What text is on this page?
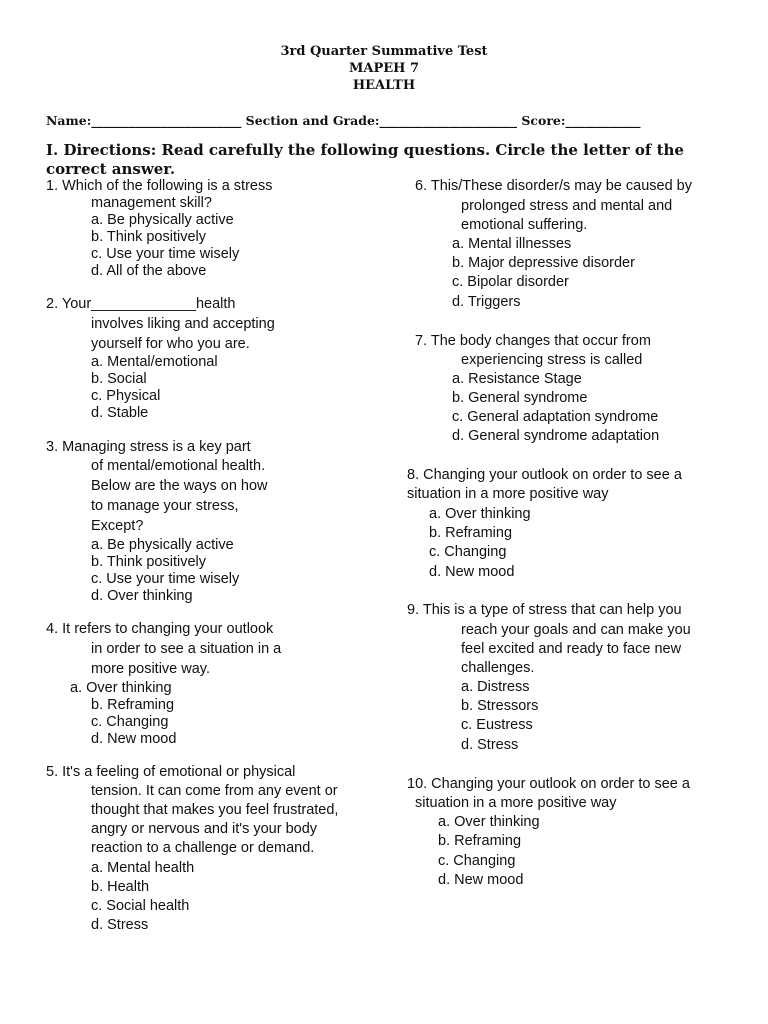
3rd Quarter Summative Test
MAPEH 7
HEALTH
Name:________________________ Section and Grade:______________________ Score:____________
I. Directions: Read carefully the following questions. Circle the letter of the correct answer.
1. Which of the following is a stress
management skill?
a. Be physically active
b. Think positively
c. Use your time wisely
d. All of the above
2. Your_____________health
involves liking and accepting
yourself for who you are.
a. Mental/emotional
b. Social
c. Physical
d. Stable
3. Managing stress is a key part
of mental/emotional health.
Below are the ways on how
to manage your stress,
Except?
a. Be physically active
b. Think positively
c. Use your time wisely
d. Over thinking
4. It refers to changing your outlook
in order to see a situation in a
more positive way.
a. Over thinking
b. Reframing
c. Changing
d. New mood
5. It's a feeling of emotional or physical
tension. It can come from any event or
thought that makes you feel frustrated,
angry or nervous and it's your body
reaction to a challenge or demand.
a. Mental health
b. Health
c. Social health
d. Stress
6. This/These disorder/s may be caused by
prolonged stress and mental and
emotional suffering.
a. Mental illnesses
b. Major depressive disorder
c. Bipolar disorder
d. Triggers
7. The body changes that occur from
experiencing stress is called
a. Resistance Stage
b. General syndrome
c. General adaptation syndrome
d. General syndrome adaptation
8. Changing your outlook on order to see a
situation in a more positive way
a. Over thinking
b. Reframing
c. Changing
d. New mood
9. This is a type of stress that can help you
reach your goals and can make you
feel excited and ready to face new
challenges.
a. Distress
b. Stressors
c. Eustress
d. Stress
10. Changing your outlook on order to see a
situation in a more positive way
a. Over thinking
b. Reframing
c. Changing
d. New mood
